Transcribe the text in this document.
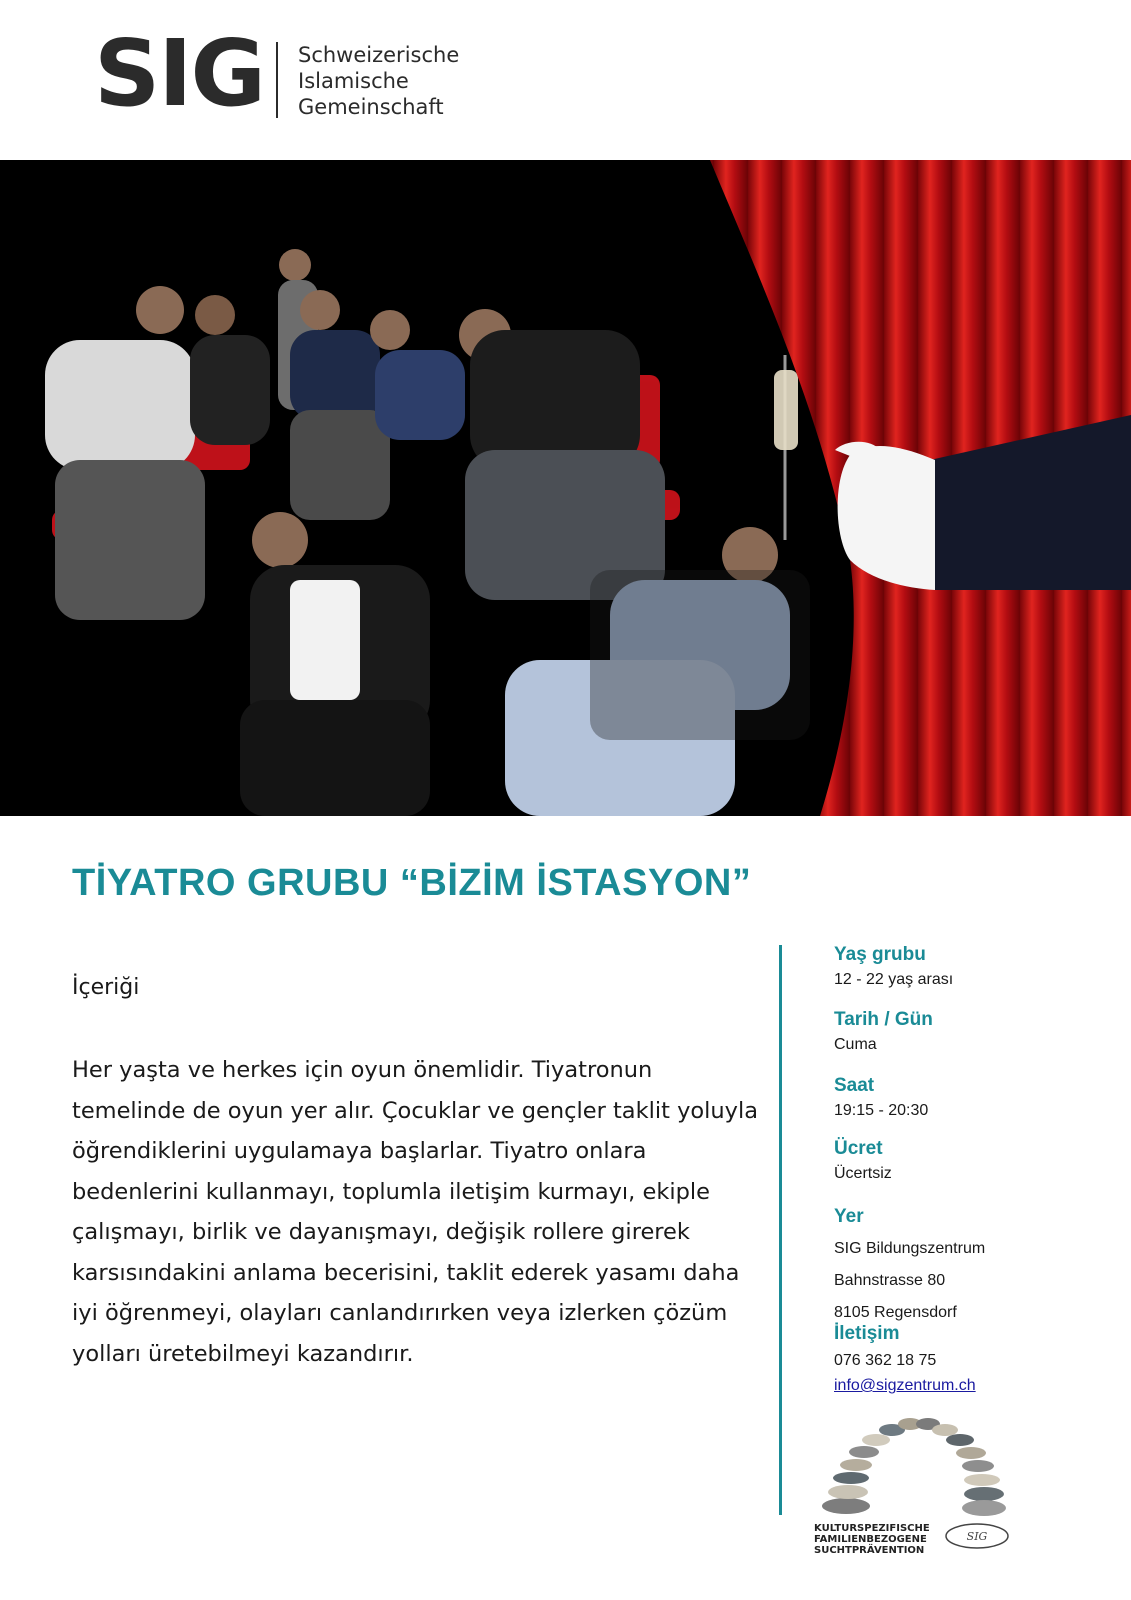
SIG Schweizerische
Islamische
Gemeinschaft
TİYATRO GRUBU “BİZİM İSTASYON”
İçeriği
Her yaşta ve herkes için oyun önemlidir. Tiyatronun temelinde de oyun yer alır. Çocuklar ve gençler taklit yoluyla öğrendiklerini uygulamaya başlarlar. Tiyatro onlara bedenlerini kullanmayı, toplumla iletişim kurmayı, ekiple çalışmayı, birlik ve dayanışmayı, değişik rollere girerek karsısındakini anlama becerisini, taklit ederek yasamı daha iyi öğrenmeyi, olayları canlandırırken veya izlerken çözüm yolları üretebilmeyi kazandırır.
Yaş grubu
12 - 22 yaş arası
Tarih / Gün
Cuma
Saat
19:15 - 20:30
Ücret
Ücertsiz
Yer
SIG Bildungszentrum
Bahnstrasse 80
8105 Regensdorf
İletişim
076 362 18 75
info@sigzentrum.ch
KULTURSPEZIFISCHE
FAMILIENBEZOGENE
SUCHTPRÄVENTION
SIG
